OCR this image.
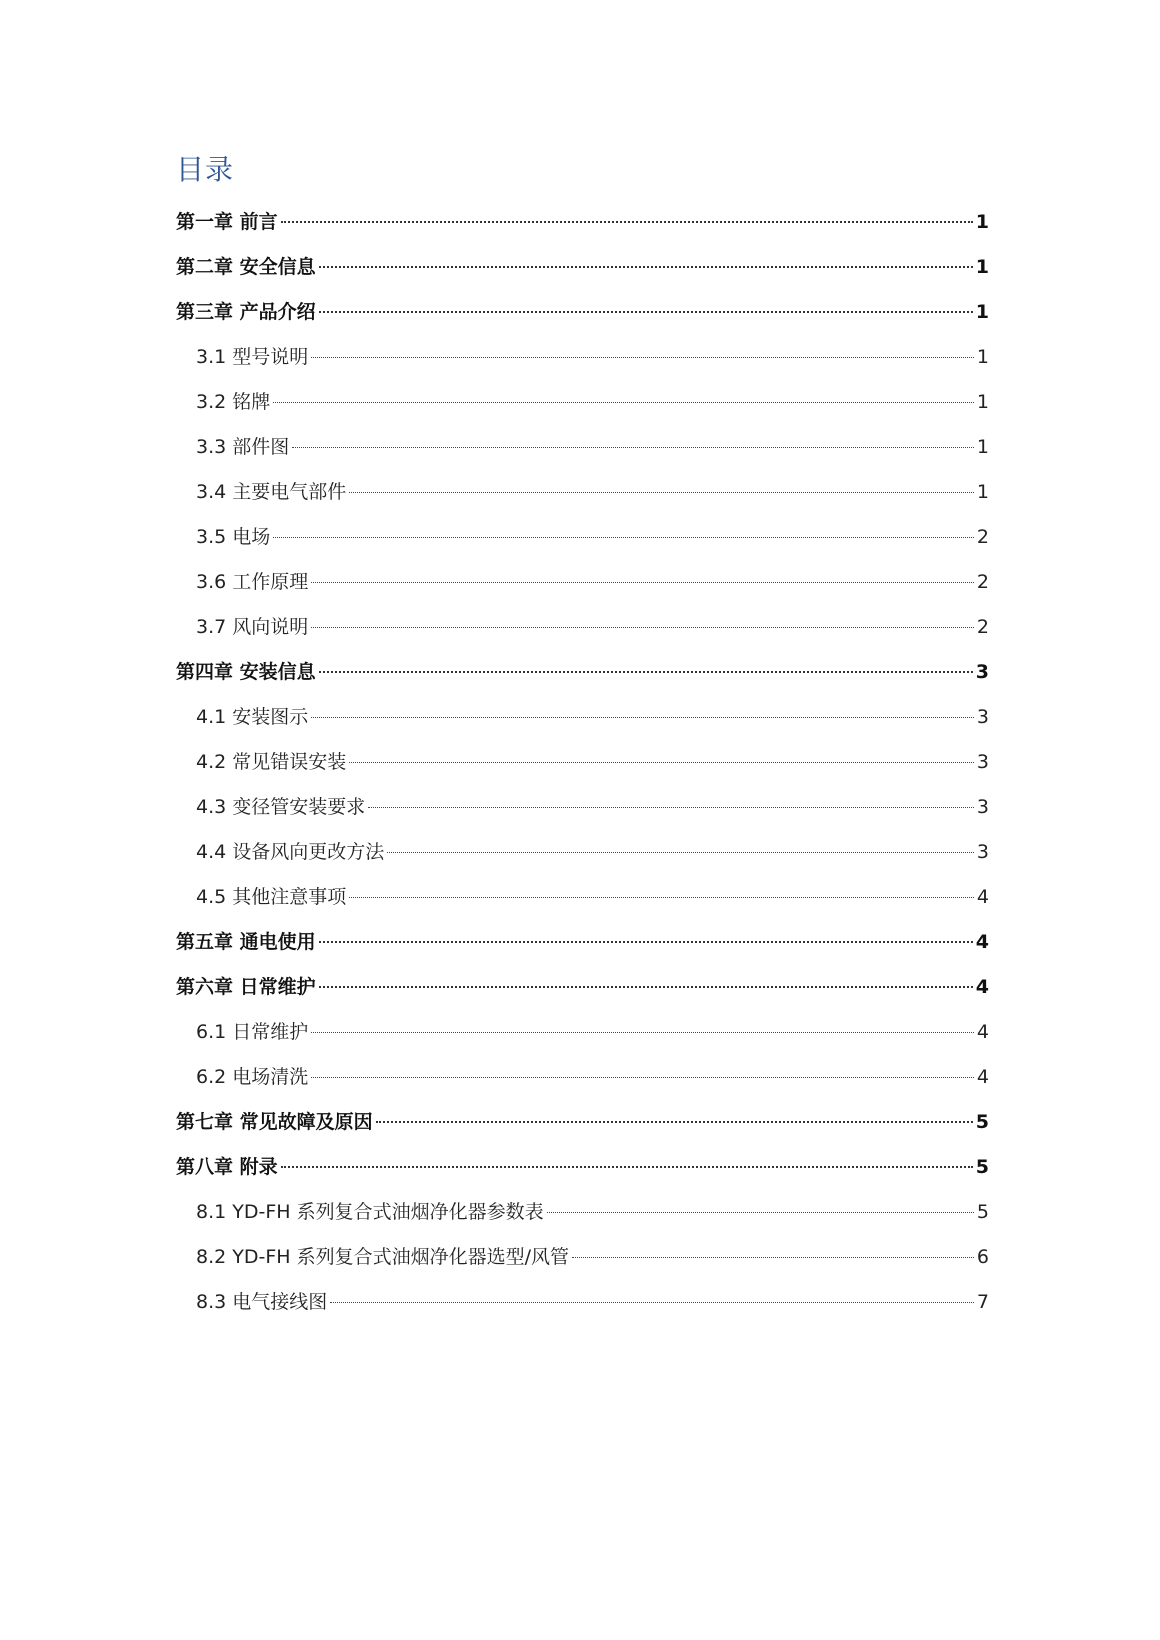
目录
第一章 前言	1
第二章 安全信息	1
第三章 产品介绍	1
3.1 型号说明	1
3.2 铭牌	1
3.3 部件图	1
3.4 主要电气部件	1
3.5 电场	2
3.6 工作原理	2
3.7 风向说明	2
第四章 安装信息	3
4.1 安装图示	3
4.2 常见错误安装	3
4.3 变径管安装要求	3
4.4 设备风向更改方法	3
4.5 其他注意事项	4
第五章 通电使用	4
第六章 日常维护	4
6.1 日常维护	4
6.2 电场清洗	4
第七章 常见故障及原因	5
第八章 附录	5
8.1 YD-FH 系列复合式油烟净化器参数表	5
8.2 YD-FH 系列复合式油烟净化器选型/风管	6
8.3 电气接线图	7
